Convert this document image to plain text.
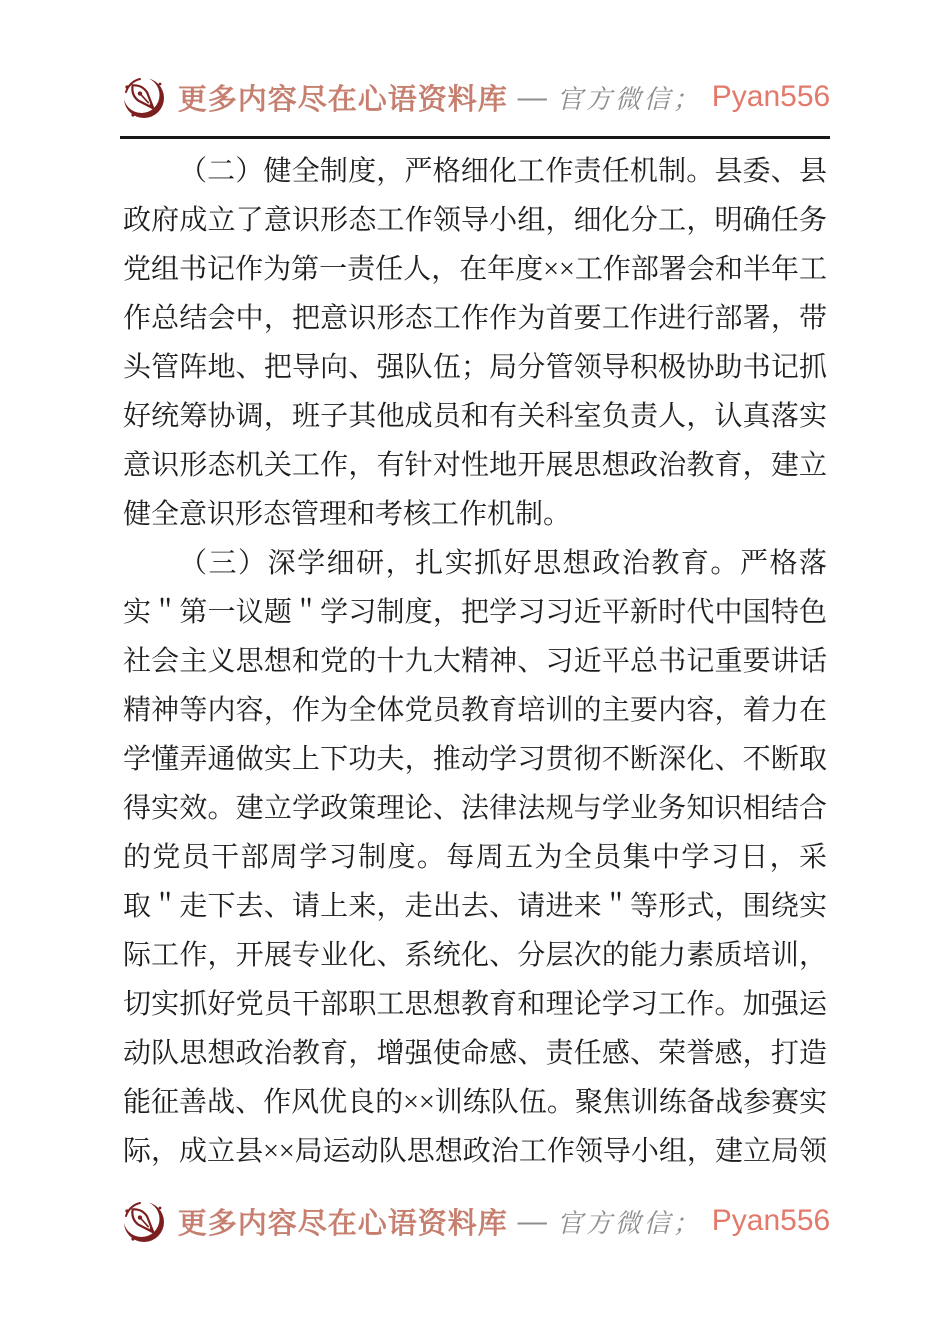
更多内容尽在心语资料库 — 官方微信； Pyan556
（二）健全制度，严格细化工作责任机制。县委、县
政府成立了意识形态工作领导小组，细化分工，明确任务
党组书记作为第一责任人，在年度××工作部署会和半年工
作总结会中，把意识形态工作作为首要工作进行部署，带
头管阵地、把导向、强队伍；局分管领导积极协助书记抓
好统筹协调，班子其他成员和有关科室负责人，认真落实
意识形态机关工作，有针对性地开展思想政治教育，建立
健全意识形态管理和考核工作机制。
（三）深学细研，扎实抓好思想政治教育。严格落
实＂第一议题＂学习制度，把学习习近平新时代中国特色
社会主义思想和党的十九大精神、习近平总书记重要讲话
精神等内容，作为全体党员教育培训的主要内容，着力在
学懂弄通做实上下功夫，推动学习贯彻不断深化、不断取
得实效。建立学政策理论、法律法规与学业务知识相结合
的党员干部周学习制度。每周五为全员集中学习日，采
取＂走下去、请上来，走出去、请进来＂等形式，围绕实
际工作，开展专业化、系统化、分层次的能力素质培训，
切实抓好党员干部职工思想教育和理论学习工作。加强运
动队思想政治教育，增强使命感、责任感、荣誉感，打造
能征善战、作风优良的××训练队伍。聚焦训练备战参赛实
际，成立县××局运动队思想政治工作领导小组，建立局领
更多内容尽在心语资料库 — 官方微信； Pyan556
